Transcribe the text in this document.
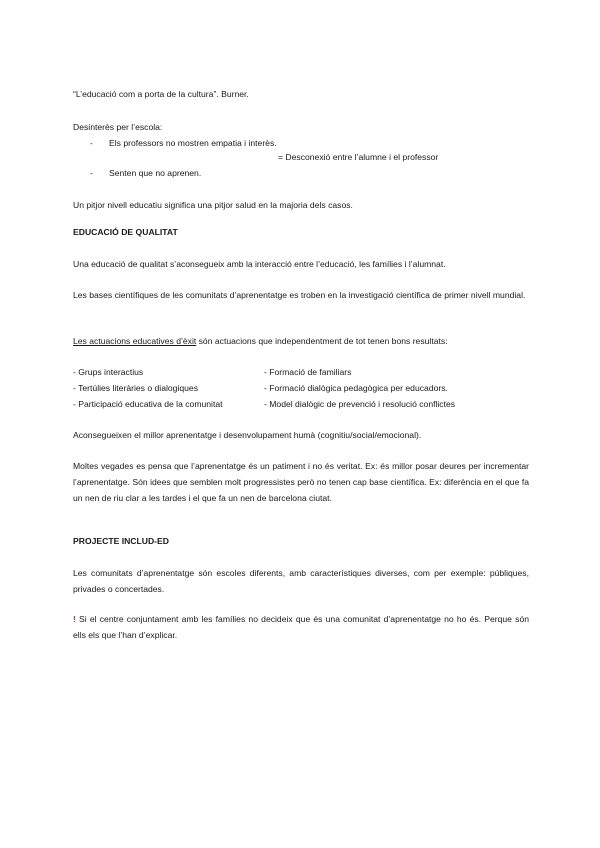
“L’educació com a porta de la cultura”. Burner.
Desinterès per l’escola:
- Els professors no mostren empatia i interès.
= Desconexió entre l’alumne i el professor
- Senten que no aprenen.
Un pitjor nivell educatiu significa una pitjor salud en la majoria dels casos.
EDUCACIÓ DE QUALITAT
Una educació de qualitat s’aconsegueix amb la interacció entre l’educació, les famílies i l’alumnat.
Les bases científiques de les comunitats d’aprenentatge es troben en la investigació científica de primer nivell mundial.
Les actuacions educatives d’èxit són actuacions que independentment de tot tenen bons resultats:
- Grups interactius
- Tertúlies literàries o dialogiques
- Participació educativa de la comunitat
- Formació de familiars
- Formació dialògica pedagògica per educadors.
- Model dialògic de prevenció i resolució conflictes
Aconsegueixen el millor aprenentatge i desenvolupament humà (cognitiu/social/emocional).
Moltes vegades es pensa que l’aprenentatge és un patiment i no és veritat. Ex: és millor posar deures per incrementar l’aprenentatge. Són idees que semblen molt progressistes però no tenen cap base científica. Ex: diferència en el que fa un nen de riu clar a les tardes i el que fa un nen de barcelona ciutat.
PROJECTE INCLUD-ED
Les comunitats d’aprenentatge són escoles diferents, amb característiques diverses, com per exemple: públiques, privades o concertades.
! Si el centre conjuntament amb les famílies no decideix que és una comunitat d’aprenentatge no ho és. Perque són ells els que l’han d’explicar.
